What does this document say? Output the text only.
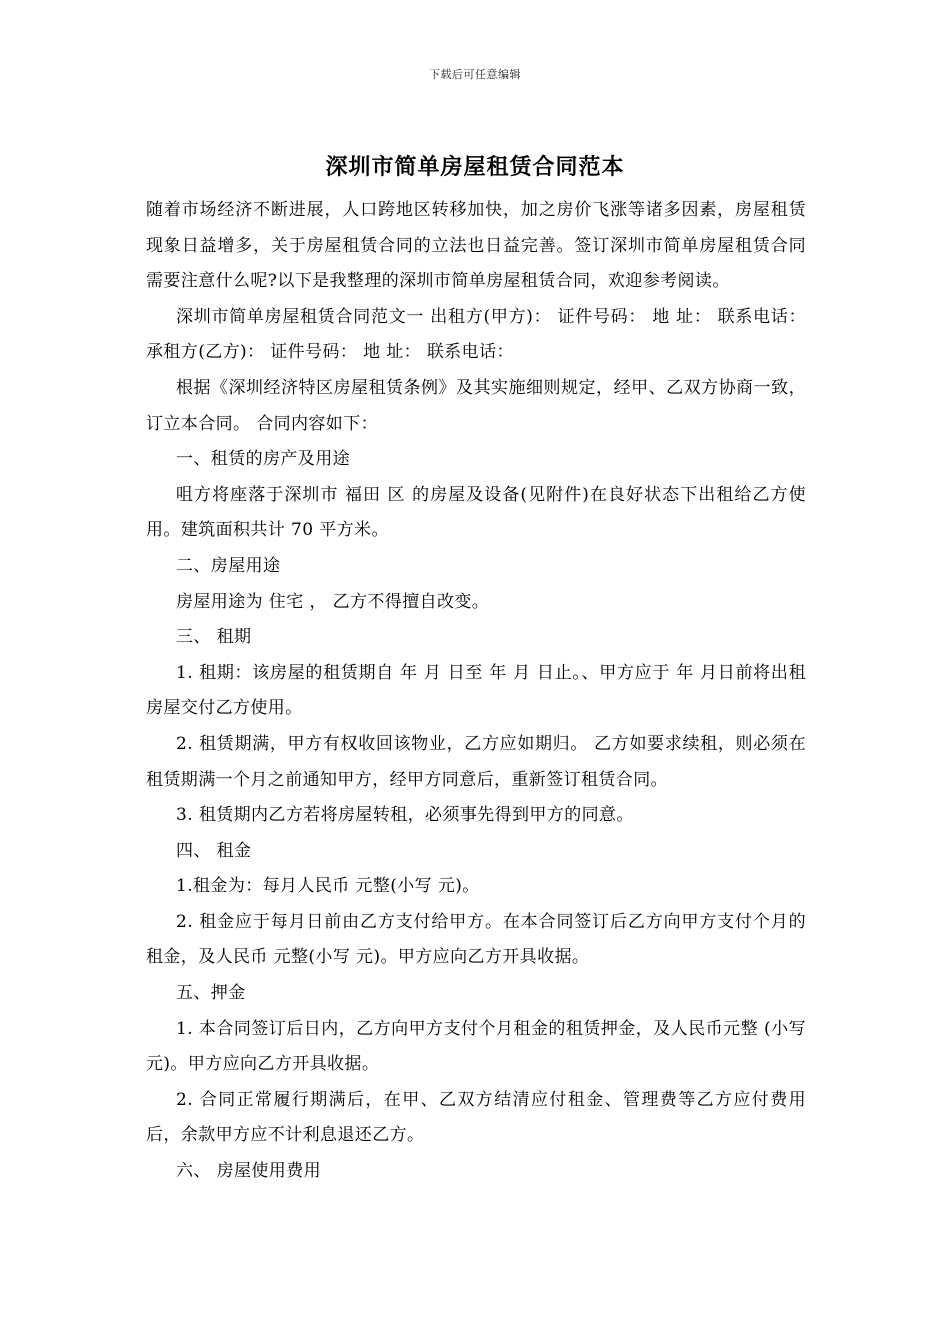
下载后可任意编辑
深圳市简单房屋租赁合同范本

随着市场经济不断进展，人口跨地区转移加快，加之房价飞涨等诸多因素，房屋租赁现象日益增多，关于房屋租赁合同的立法也日益完善。签订深圳市简单房屋租赁合同需要注意什么呢?以下是我整理的深圳市简单房屋租赁合同，欢迎参考阅读。

深圳市简单房屋租赁合同范文一 出租方(甲方)： 证件号码： 地 址： 联系电话： 承租方(乙方)： 证件号码： 地 址： 联系电话：

根据《深圳经济特区房屋租赁条例》及其实施细则规定，经甲、乙双方协商一致，订立本合同。 合同内容如下：

一、租赁的房产及用途

咀方将座落于深圳市 福田 区 的房屋及设备(见附件)在良好状态下出租给乙方使用。建筑面积共计 70 平方米。

二、房屋用途

房屋用途为 住宅 ， 乙方不得擅自改变。

三、 租期

1. 租期：该房屋的租赁期自 年 月 日至 年 月 日止。、甲方应于 年 月日前将出租房屋交付乙方使用。

2. 租赁期满，甲方有权收回该物业，乙方应如期归。 乙方如要求续租，则必须在租赁期满一个月之前通知甲方，经甲方同意后，重新签订租赁合同。

3. 租赁期内乙方若将房屋转租，必须事先得到甲方的同意。

四、 租金

1.租金为：每月人民币 元整(小写 元)。

2. 租金应于每月日前由乙方支付给甲方。在本合同签订后乙方向甲方支付个月的租金，及人民币 元整(小写 元)。甲方应向乙方开具收据。

五、押金

1. 本合同签订后日内，乙方向甲方支付个月租金的租赁押金，及人民币元整 (小写 元)。甲方应向乙方开具收据。

2. 合同正常履行期满后，在甲、乙双方结清应付租金、管理费等乙方应付费用后，余款甲方应不计利息退还乙方。

六、 房屋使用费用
